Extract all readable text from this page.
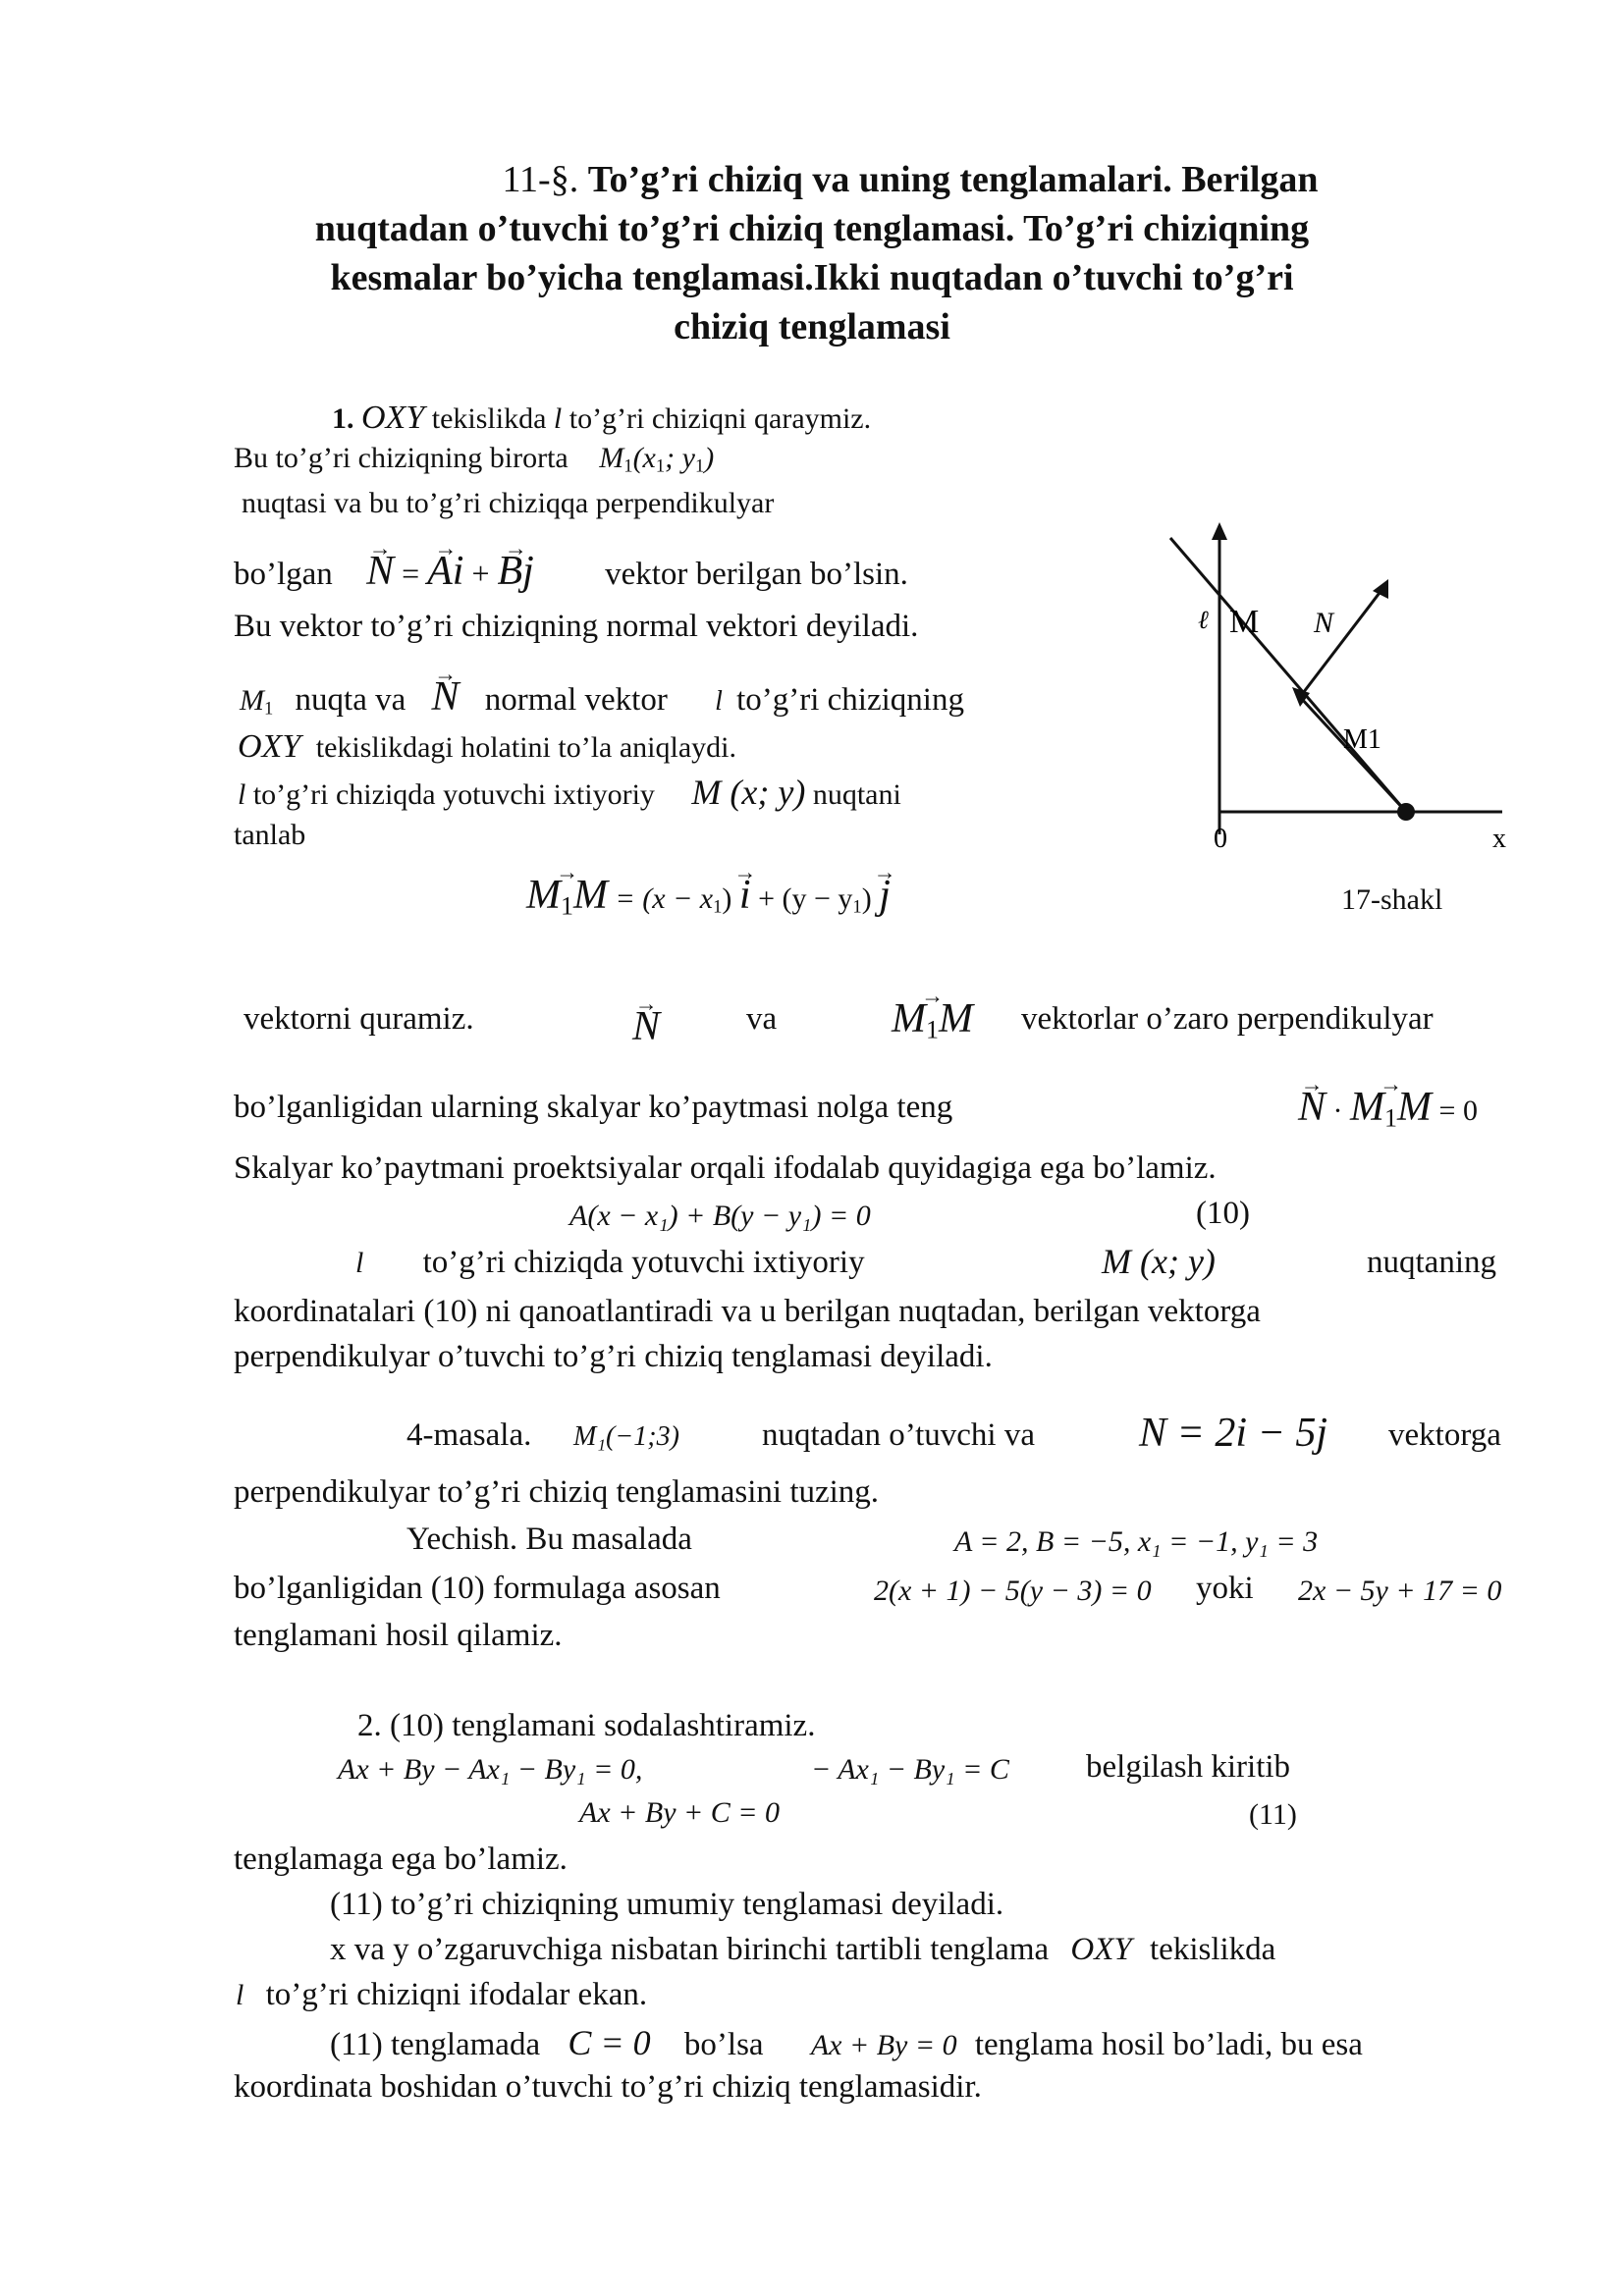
11-§. To’g’ri chiziq va uning tenglamalari. Berilgan
nuqtadan o’tuvchi to’g’ri chiziq tenglamasi. To’g’ri chiziqning
kesmalar bo’yicha tenglamasi.Ikki nuqtadan o’tuvchi to’g’ri
chiziq tenglamasi
1. OXY tekislikda l to’g’ri chiziqni qaraymiz.
Bu to’g’ri chiziqning birorta $M_1(x_1$; $y_1$)
nuqtasi va bu to’g’ri chiziqqa perpendikulyar
bo’lgan → N = → Ai + → Bj vektor berilgan bo’lsin.
Bu vektor to’g’ri chiziqning normal vektori deyiladi.
$M_1$ nuqta va → N normal vektor l to’g’ri chiziqning
OXY tekislikdagi holatini to’la aniqlaydi.
l to’g’ri chiziqda yotuvchi ixtiyoriy M (x; y) nuqtani
tanlab
→ $M_1M = (x - x_1) \to i + (y - y_1) \to j$
ℓ M N
M1
0	x
17-shakl
vektorni quramiz.	→ N	va	→ $M_1M$ vektorlar o’zaro perpendikulyar
bo’lganligidan ularning skalyar ko’paytmasi nolga teng	→ N · → $M_1M = 0$
Skalyar ko’paytmani proektsiyalar orqali ifodalab quyidagiga ega bo’lamiz.
A(x − x₁) + B(y − y₁) = 0	(10)
l to’g’ri chiziqda yotuvchi ixtiyoriy	M (x; y)	nuqtaning
koordinatalari (10) ni qanoatlantiradi va u berilgan nuqtadan, berilgan vektorga
perpendikulyar o’tuvchi to’g’ri chiziq tenglamasi deyiladi.
4-masala. M₁(−1;3)	nuqtadan o’tuvchi va	N = 2i − 5j vektorga
perpendikulyar to’g’ri chiziq tenglamasini tuzing.
Yechish. Bu masalada	A = 2, B = −5, x₁ = −1, y₁ = 3
bo’lganligidan (10) formulaga asosan	2(x + 1) − 5(y − 3) = 0 yoki 2x − 5y + 17 = 0
tenglamani hosil qilamiz.
2. (10) tenglamani sodalashtiramiz.
Ax + By − Ax₁ − By₁ = 0,	− Ax₁ − By₁ = C belgilash kiritib
Ax + By + C = 0	(11)
tenglamaga ega bo’lamiz.
(11) to’g’ri chiziqning umumiy tenglamasi deyiladi.
x va y o’zgaruvchiga nisbatan birinchi tartibli tenglama OXY tekislikda
l to’g’ri chiziqni ifodalar ekan.
(11) tenglamada C = 0 bo’lsa Ax + By = 0 tenglama hosil bo’ladi, bu esa
koordinata boshidan o’tuvchi to’g’ri chiziq tenglamasidir.
